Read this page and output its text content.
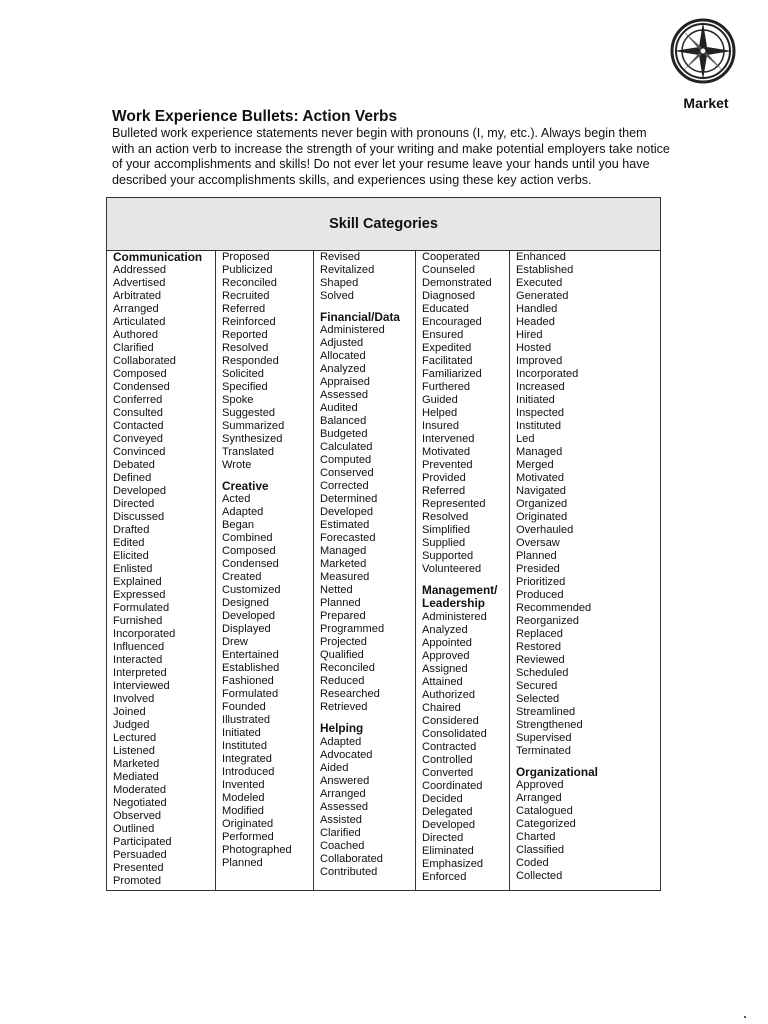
Market
Work Experience Bullets: Action Verbs

Bulleted work experience statements never begin with pronouns (I, my, etc.). Always begin them with an action verb to increase the strength of your writing and make potential employers take notice of your accomplishments and skills! Do not ever let your resume leave your hands until you have described your accomplishments skills, and experiences using these key action verbs.

Skill Categories
Communication
Addressed
Advertised
Arbitrated
Arranged
Articulated
Authored
Clarified
Collaborated
Composed
Condensed
Conferred
Consulted
Contacted
Conveyed
Convinced
Debated
Defined
Developed
Directed
Discussed
Drafted
Edited
Elicited
Enlisted
Explained
Expressed
Formulated
Furnished
Incorporated
Influenced
Interacted
Interpreted
Interviewed
Involved
Joined
Judged
Lectured
Listened
Marketed
Mediated
Moderated
Negotiated
Observed
Outlined
Participated
Persuaded
Presented
Promoted
Proposed
Publicized
Reconciled
Recruited
Referred
Reinforced
Reported
Resolved
Responded
Solicited
Specified
Spoke
Suggested
Summarized
Synthesized
Translated
Wrote
Creative
Acted
Adapted
Began
Combined
Composed
Condensed
Created
Customized
Designed
Developed
Displayed
Drew
Entertained
Established
Fashioned
Formulated
Founded
Illustrated
Initiated
Instituted
Integrated
Introduced
Invented
Modeled
Modified
Originated
Performed
Photographed
Planned
Revised
Revitalized
Shaped
Solved
Financial/Data
Administered
Adjusted
Allocated
Analyzed
Appraised
Assessed
Audited
Balanced
Budgeted
Calculated
Computed
Conserved
Corrected
Determined
Developed
Estimated
Forecasted
Managed
Marketed
Measured
Netted
Planned
Prepared
Programmed
Projected
Qualified
Reconciled
Reduced
Researched
Retrieved
Helping
Adapted
Advocated
Aided
Answered
Arranged
Assessed
Assisted
Clarified
Coached
Collaborated
Contributed
Cooperated
Counseled
Demonstrated
Diagnosed
Educated
Encouraged
Ensured
Expedited
Facilitated
Familiarized
Furthered
Guided
Helped
Insured
Intervened
Motivated
Prevented
Provided
Referred
Represented
Resolved
Simplified
Supplied
Supported
Volunteered
Management/
Leadership
Administered
Analyzed
Appointed
Approved
Assigned
Attained
Authorized
Chaired
Considered
Consolidated
Contracted
Controlled
Converted
Coordinated
Decided
Delegated
Developed
Directed
Eliminated
Emphasized
Enforced
Enhanced
Established
Executed
Generated
Handled
Headed
Hired
Hosted
Improved
Incorporated
Increased
Initiated
Inspected
Instituted
Led
Managed
Merged
Motivated
Navigated
Organized
Originated
Overhauled
Oversaw
Planned
Presided
Prioritized
Produced
Recommended
Reorganized
Replaced
Restored
Reviewed
Scheduled
Secured
Selected
Streamlined
Strengthened
Supervised
Terminated
Organizational
Approved
Arranged
Catalogued
Categorized
Charted
Classified
Coded
Collected
